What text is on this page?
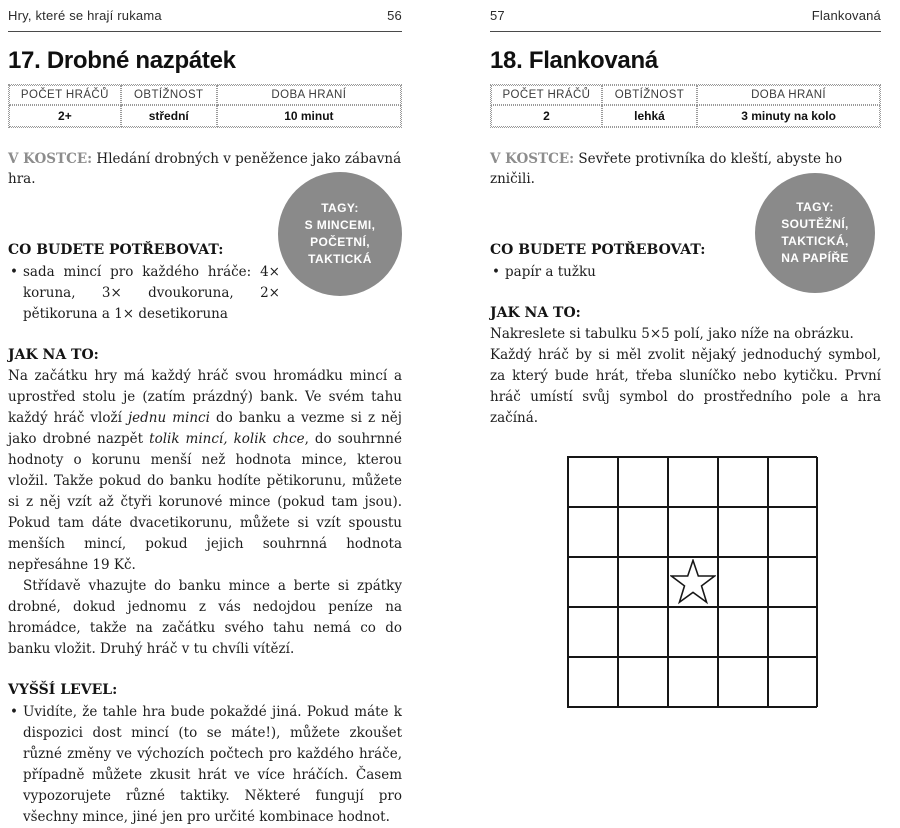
Hry, které se hrají rukama	56
17. Drobné nazpátek
POČET HRÁČŮ	OBTÍŽNOST	DOBA HRANÍ
2+	střední	10 minut
V KOSTCE: Hledání drobných v peněžence jako zábavná hra.
CO BUDETE POTŘEBOVAT:
• sada mincí pro každého hráče: 4× koruna, 3× dvoukoruna, 2× pětikoruna a 1× desetikoruna
TAGY:
S MINCEMI,
POČETNÍ,
TAKTICKÁ
JAK NA TO:

Na začátku hry má každý hráč svou hromádku mincí a uprostřed stolu je (zatím prázdný) bank. Ve svém tahu každý hráč vloží jednu minci do banku a vezme si z něj jako drobné nazpět tolik mincí, kolik chce, do souhrnné hodnoty o korunu menší než hodnota mince, kterou vložil. Takže pokud do banku hodíte pětikorunu, můžete si z něj vzít až čtyři korunové mince (pokud tam jsou). Pokud tam dáte dvacetikorunu, můžete si vzít spoustu menších mincí, pokud jejich souhrnná hodnota nepřesáhne 19 Kč.

Střídavě vhazujte do banku mince a berte si zpátky drobné, dokud jednomu z vás nedojdou peníze na hromádce, takže na začátku svého tahu nemá co do banku vložit. Druhý hráč v tu chvíli vítězí.

VYŠŠÍ LEVEL:
• Uvidíte, že tahle hra bude pokaždé jiná. Pokud máte k dispozici dost mincí (to se máte!), můžete zkoušet různé změny ve výchozích počtech pro každého hráče, případně můžete zkusit hrát ve více hráčích. Časem vypozorujete různé taktiky. Některé fungují pro všechny mince, jiné jen pro určité kombinace hodnot.
57	Flankovaná
18. Flankovaná
POČET HRÁČŮ	OBTÍŽNOST	DOBA HRANÍ
2	lehká	3 minuty na kolo
V KOSTCE: Sevřete protivníka do kleští, abyste ho zničili.
CO BUDETE POTŘEBOVAT:
• papír a tužku
TAGY:
SOUTĚŽNÍ,
TAKTICKÁ,
NA PAPÍŘE
JAK NA TO:

Nakreslete si tabulku 5×5 polí, jako níže na obrázku.

Každý hráč by si měl zvolit nějaký jednoduchý symbol, za který bude hrát, třeba sluníčko nebo kytičku. První hráč umístí svůj symbol do prostředního pole a hra začíná.
